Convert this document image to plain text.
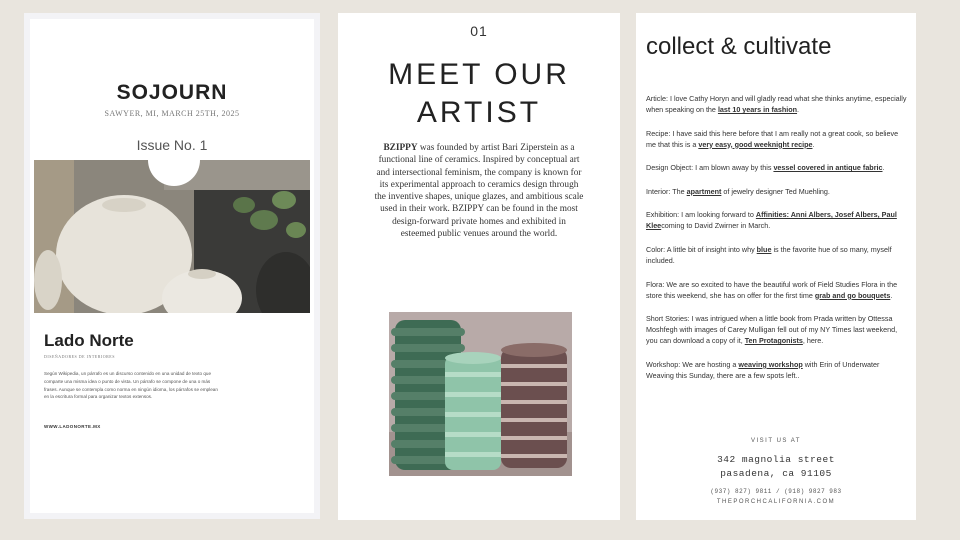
SOJOURN
SAWYER, MI, MARCH 25TH, 2025
Issue No. 1
Lado Norte
DISEÑADORES DE INTERIORES
Según Wikipedia, un párrafo es un discurso contenido en una unidad de texto que comparte una misma idea o punto de vista. Un párrafo se compone de una o más frases. Aunque se contempla como norma en ningún idioma, los párrafos se emplean en la escritura formal para organizar textos extensos.
WWW.LADONORTE.MX
01
MEET OUR
ARTIST
BZIPPY was founded by artist Bari Ziperstein as a functional line of ceramics. Inspired by conceptual art and intersectional feminism, the company is known for its experimental approach to ceramics design through the inventive shapes, unique glazes, and ambitious scale used in their work. BZIPPY can be found in the most design-forward private homes and exhibited in esteemed public venues around the world.
collect & cultivate
Article: I love Cathy Horyn and will gladly read what she thinks anytime, especially when speaking on the last 10 years in fashion.
Recipe: I have said this here before that I am really not a great cook, so believe me that this is a very easy, good weeknight recipe.
Design Object: I am blown away by this vessel covered in antique fabric.
Interior: The apartment of jewelry designer Ted Muehling.
Exhibition: I am looking forward to Affinities: Anni Albers, Josef Albers, Paul Kleecoming to David Zwirner in March.
Color: A little bit of insight into why blue is the favorite hue of so many, myself included.
Flora: We are so excited to have the beautiful work of Field Studies Flora in the store this weekend, she has on offer for the first time grab and go bouquets.
Short Stories: I was intrigued when a little book from Prada written by Ottessa Moshfegh with images of Carey Mulligan fell out of my NY Times last weekend, you can download a copy of it, Ten Protagonists, here.
Workshop: We are hosting a weaving workshop with Erin of Underwater Weaving this Sunday, there are a few spots left..
VISIT US AT
342 magnolia street
pasadena, ca 91105
(937) 827) 9811 / (918) 9827 983
THEPORCHCALIFORNIA.COM
